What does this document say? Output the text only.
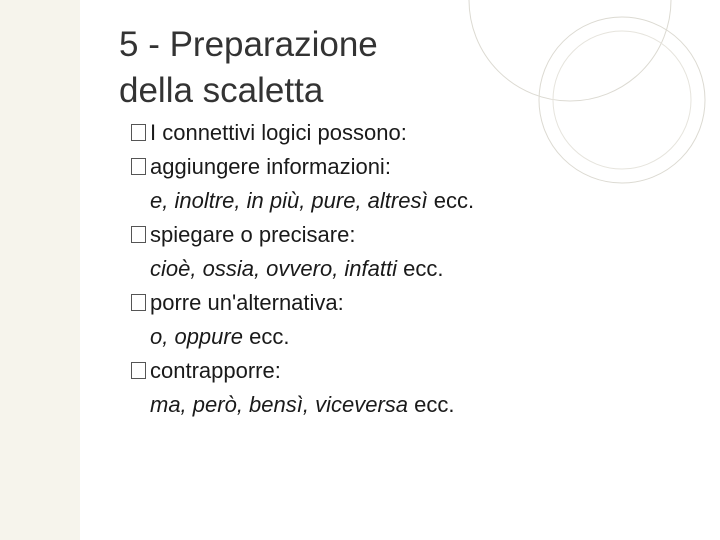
5 - Preparazione
della scaletta
I connettivi logici possono:
aggiungere informazioni:
e, inoltre, in più, pure, altresì ecc.
spiegare o precisare:
cioè, ossia, ovvero, infatti ecc.
porre un'alternativa:
o, oppure ecc.
contrapporre:
ma, però, bensì, viceversa ecc.
